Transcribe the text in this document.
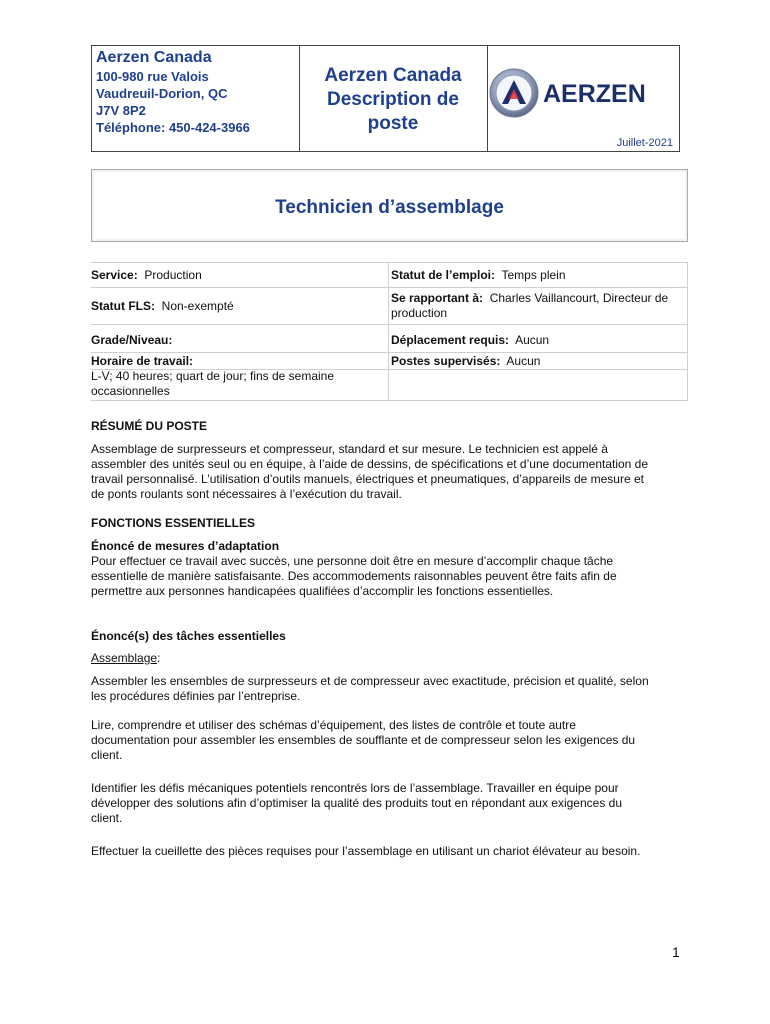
Aerzen Canada
100-980 rue Valois
Vaudreuil-Dorion, QC
J7V 8P2
Téléphone: 450-424-3966
Aerzen Canada
Description de
poste
AERZEN
Juillet-2021
Technicien d’assemblage
Service: Production	Statut de l’emploi: Temps plein
Statut FLS: Non-exempté
Se rapportant à: Charles Vaillancourt, Directeur de
production
Grade/Niveau:	Déplacement requis: Aucun
Horaire de travail:
L-V; 40 heures; quart de jour; fins de semaine
occasionnelles
Postes supervisés: Aucun
RÉSUMÉ DU POSTE
Assemblage de surpresseurs et compresseur, standard et sur mesure. Le technicien est appelé à
assembler des unités seul ou en équipe, à l’aide de dessins, de spécifications et d’une documentation de
travail personnalisé. L’utilisation d’outils manuels, électriques et pneumatiques, d’appareils de mesure et
de ponts roulants sont nécessaires à l’exécution du travail.
FONCTIONS ESSENTIELLES
Énoncé de mesures d’adaptation
Pour effectuer ce travail avec succès, une personne doit être en mesure d’accomplir chaque tâche
essentielle de manière satisfaisante. Des accommodements raisonnables peuvent être faits afin de
permettre aux personnes handicapées qualifiées d’accomplir les fonctions essentielles.
Énoncé(s) des tâches essentielles
Assemblage:
Assembler les ensembles de surpresseurs et de compresseur avec exactitude, précision et qualité, selon
les procédures définies par l’entreprise.
Lire, comprendre et utiliser des schémas d’équipement, des listes de contrôle et toute autre
documentation pour assembler les ensembles de soufflante et de compresseur selon les exigences du
client.
Identifier les défis mécaniques potentiels rencontrés lors de l’assemblage. Travailler en équipe pour
développer des solutions afin d’optimiser la qualité des produits tout en répondant aux exigences du
client.
Effectuer la cueillette des pièces requises pour l’assemblage en utilisant un chariot élévateur au besoin.
1
